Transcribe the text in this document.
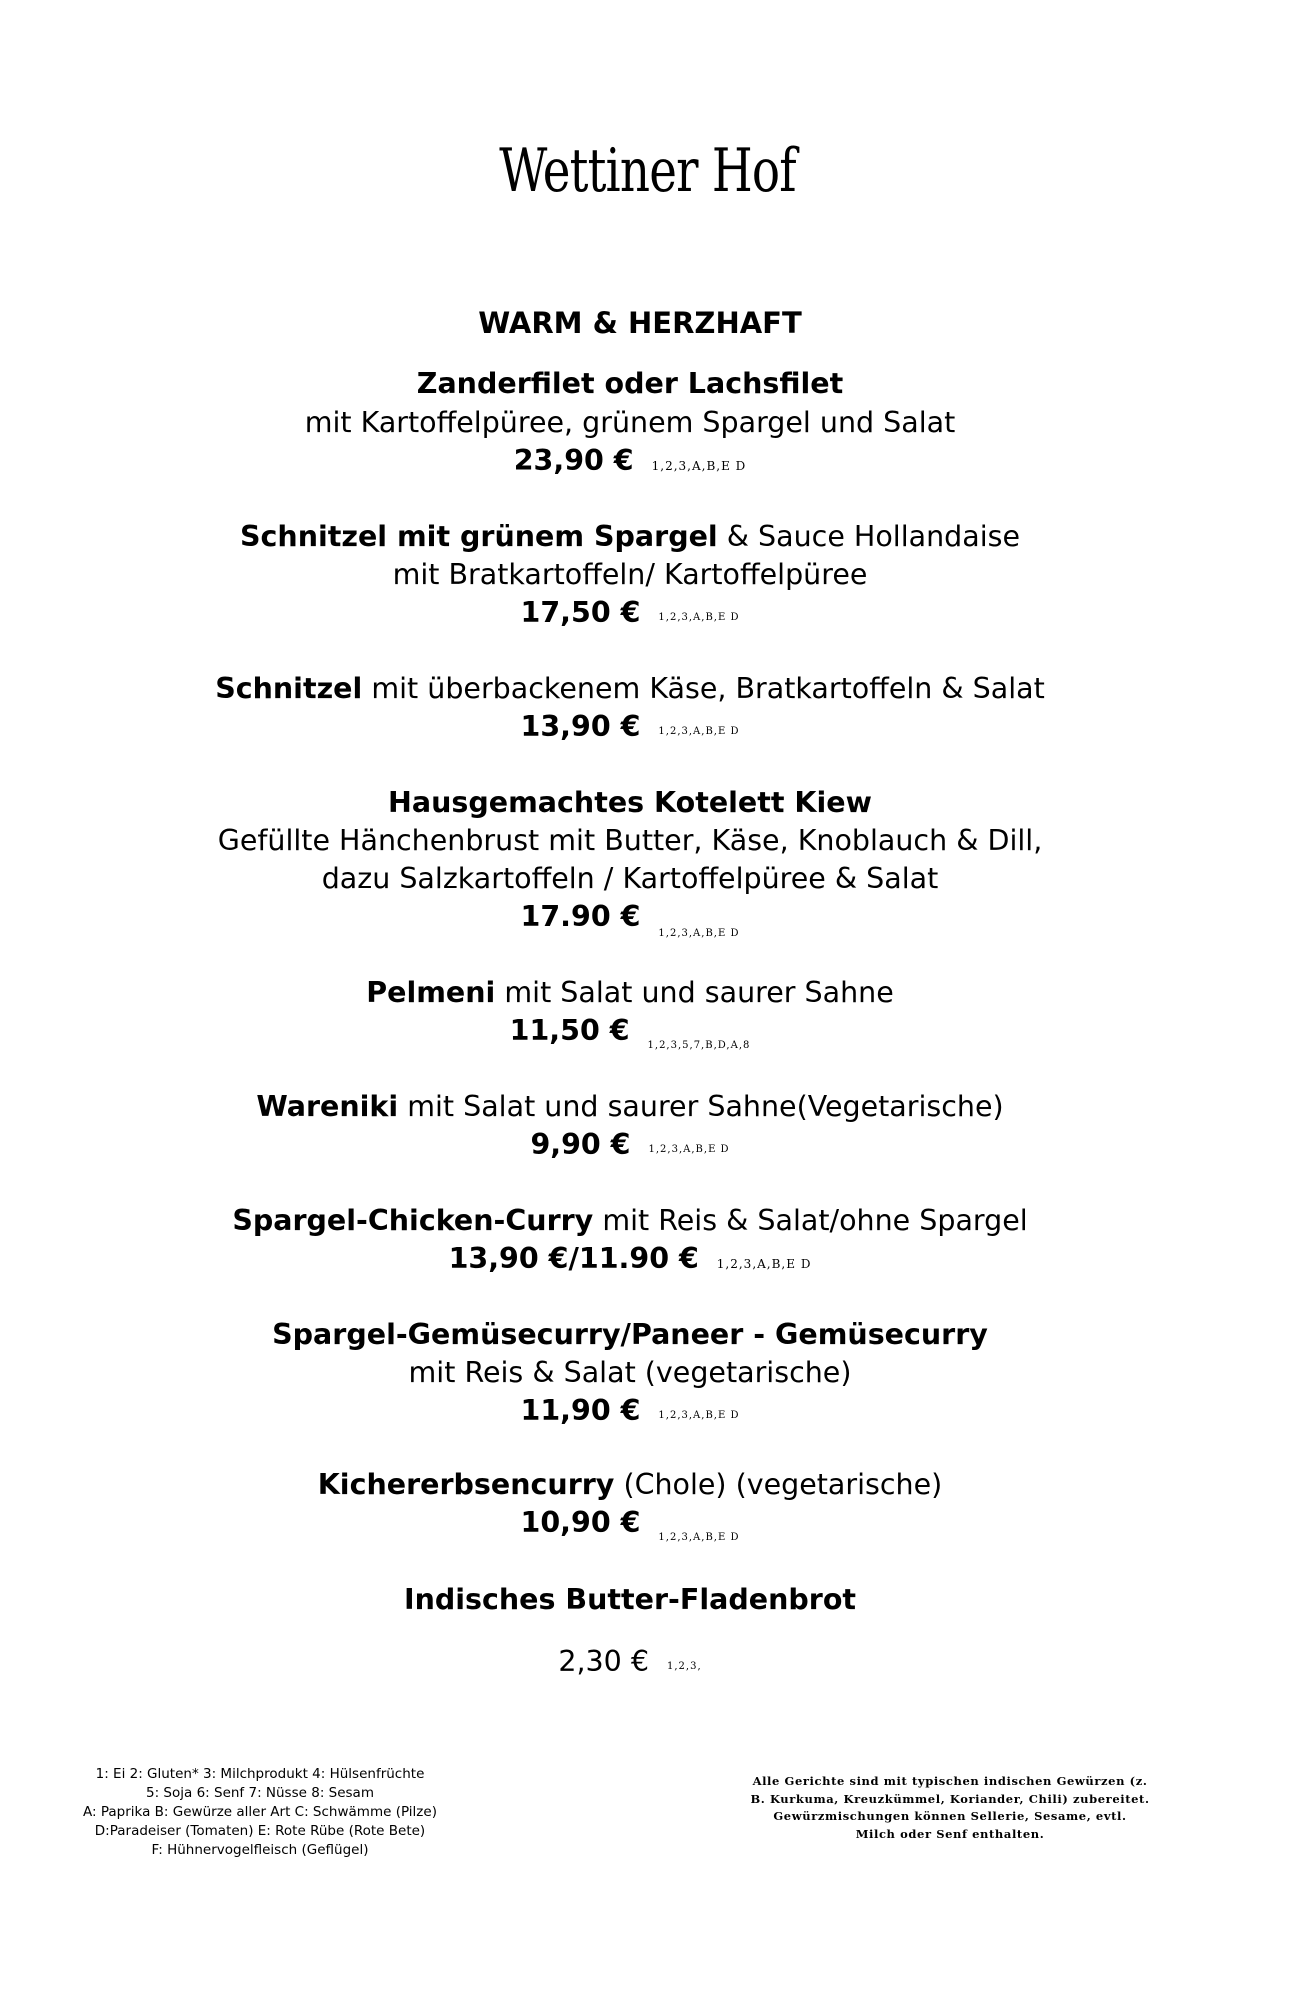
Wettiner Hof
WARM & HERZHAFT
Zanderfilet oder Lachsfilet
mit Kartoffelpüree, grünem Spargel und Salat
23,90 € 1,2,3,A,B,E D
Schnitzel mit grünem Spargel & Sauce Hollandaise
mit Bratkartoffeln/ Kartoffelpüree
17,50 € 1,2,3,A,B,E D
Schnitzel mit überbackenem Käse, Bratkartoffeln & Salat
13,90 € 1,2,3,A,B,E D
Hausgemachtes Kotelett Kiew
Gefüllte Hänchenbrust mit Butter, Käse, Knoblauch & Dill,
dazu Salzkartoffeln / Kartoffelpüree & Salat
17.90 € $_{1,2,3,A,B,E D}$
Pelmeni mit Salat und saurer Sahne
11,50 € $_{1,2,3,5,7,B,D,A,8}$
Wareniki mit Salat und saurer Sahne(Vegetarische)
9,90 € 1,2,3,A,B,E D
Spargel-Chicken-Curry mit Reis & Salat/ohne Spargel
13,90 €/11.90 € 1,2,3,A,B,E D
Spargel-Gemüsecurry/Paneer - Gemüsecurry
mit Reis & Salat (vegetarische)
11,90 € 1,2,3,A,B,E D
Kichererbsencurry (Chole) (vegetarische)
10,90 € $_{1,2,3,A,B,E D}$
Indisches Butter-Fladenbrot
2,30 € 1,2,3,
1: Ei 2: Gluten* 3: Milchprodukt 4: Hülsenfrüchte
5: Soja 6: Senf 7: Nüsse 8: Sesam
A: Paprika B: Gewürze aller Art C: Schwämme (Pilze)
D:Paradeiser (Tomaten) E: Rote Rübe (Rote Bete)
F: Hühnervogelfleisch (Geflügel)
Alle Gerichte sind mit typischen indischen Gewürzen (z.
B. Kurkuma, Kreuzkümmel, Koriander, Chili) zubereitet.
Gewürzmischungen können Sellerie, Sesame, evtl.
Milch oder Senf enthalten.
